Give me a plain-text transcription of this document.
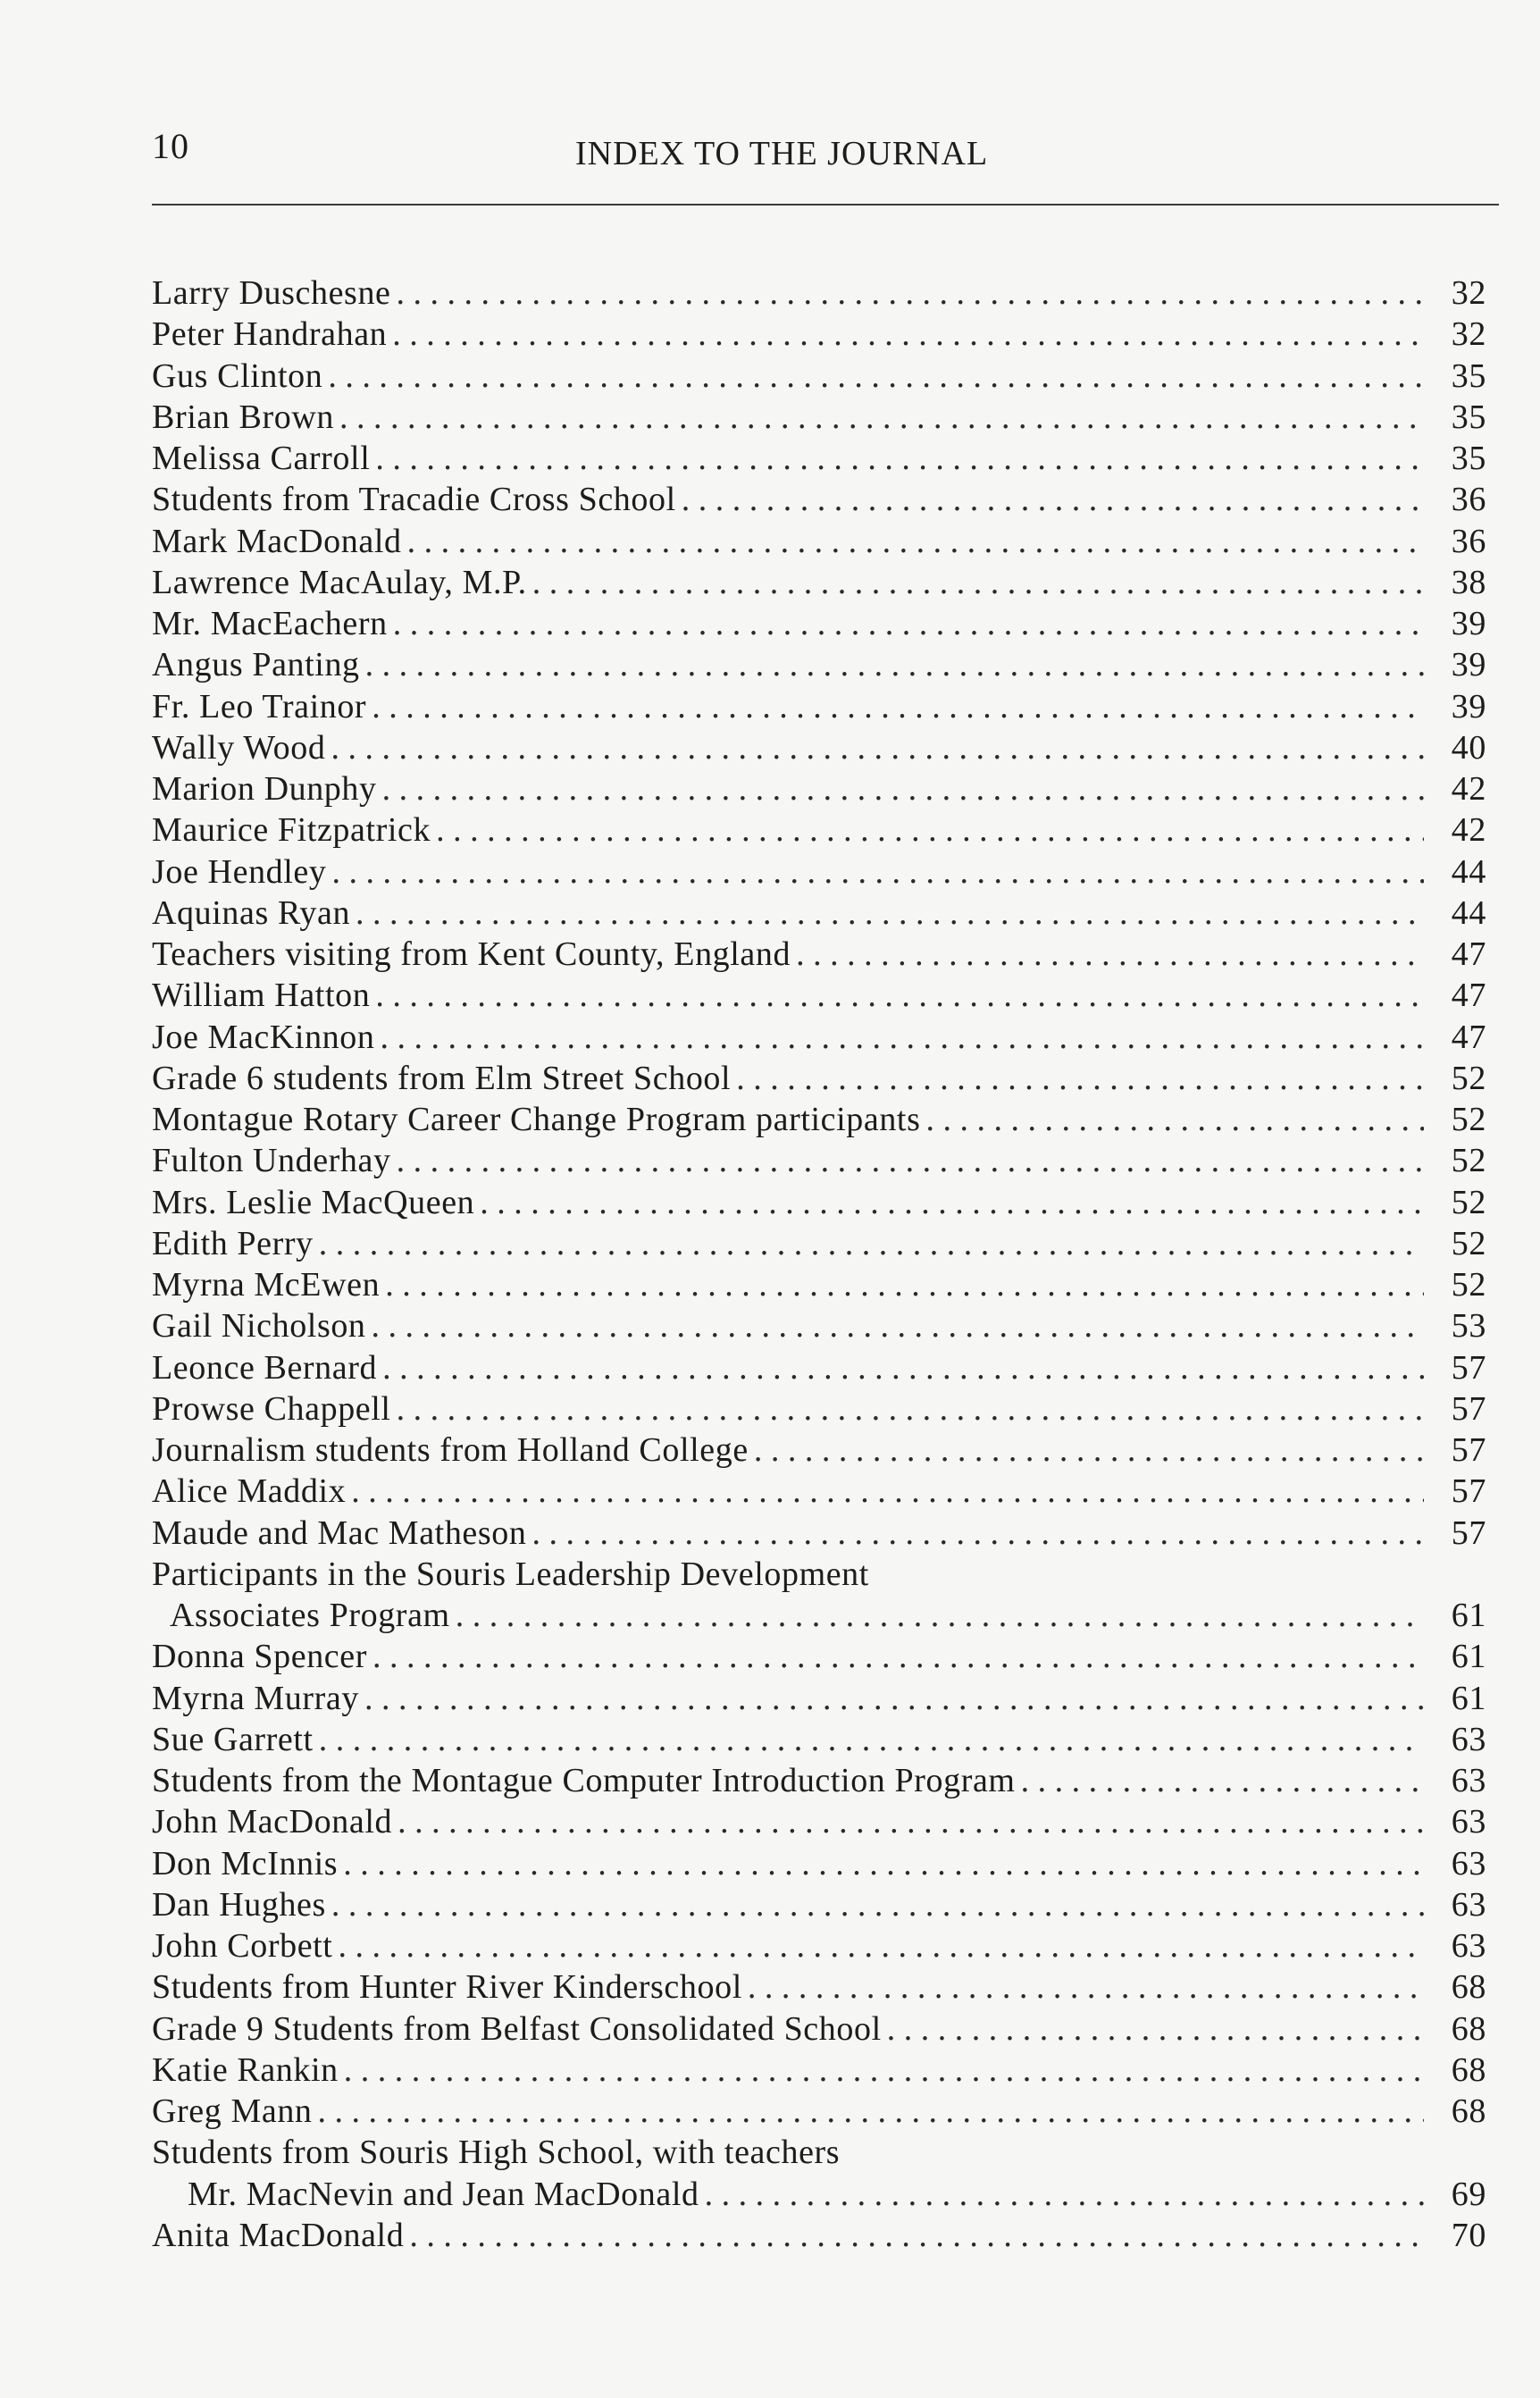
10	INDEX TO THE JOURNAL
Larry Duschesne . . .	32
Peter Handrahan . . .	32
Gus Clinton . . .	35
Brian Brown . . .	35
Melissa Carroll . . .	35
Students from Tracadie Cross School . . .	36
Mark MacDonald . . .	36
Lawrence MacAulay, M.P. . . .	38
Mr. MacEachern . . .	39
Angus Panting . . .	39
Fr. Leo Trainor . . .	39
Wally Wood . . .	40
Marion Dunphy . . .	42
Maurice Fitzpatrick . . .	42
Joe Hendley . . .	44
Aquinas Ryan . . .	44
Teachers visiting from Kent County, England . . .	47
William Hatton . . .	47
Joe MacKinnon . . .	47
Grade 6 students from Elm Street School . . .	52
Montague Rotary Career Change Program participants . . .	52
Fulton Underhay . . .	52
Mrs. Leslie MacQueen . . .	52
Edith Perry . . .	52
Myrna McEwen . . .	52
Gail Nicholson . . .	53
Leonce Bernard . . .	57
Prowse Chappell . . .	57
Journalism students from Holland College . . .	57
Alice Maddix . . .	57
Maude and Mac Matheson . . .	57
Participants in the Souris Leadership Development
Associates Program . . .	61
Donna Spencer . . .	61
Myrna Murray . . .	61
Sue Garrett . . .	63
Students from the Montague Computer Introduction Program . . .	63
John MacDonald . . .	63
Don McInnis . . .	63
Dan Hughes . . .	63
John Corbett . . .	63
Students from Hunter River Kinderschool . . .	68
Grade 9 Students from Belfast Consolidated School . . .	68
Katie Rankin . . .	68
Greg Mann . . .	68
Students from Souris High School, with teachers
Mr. MacNevin and Jean MacDonald . . .	69
Anita MacDonald . . .	70
